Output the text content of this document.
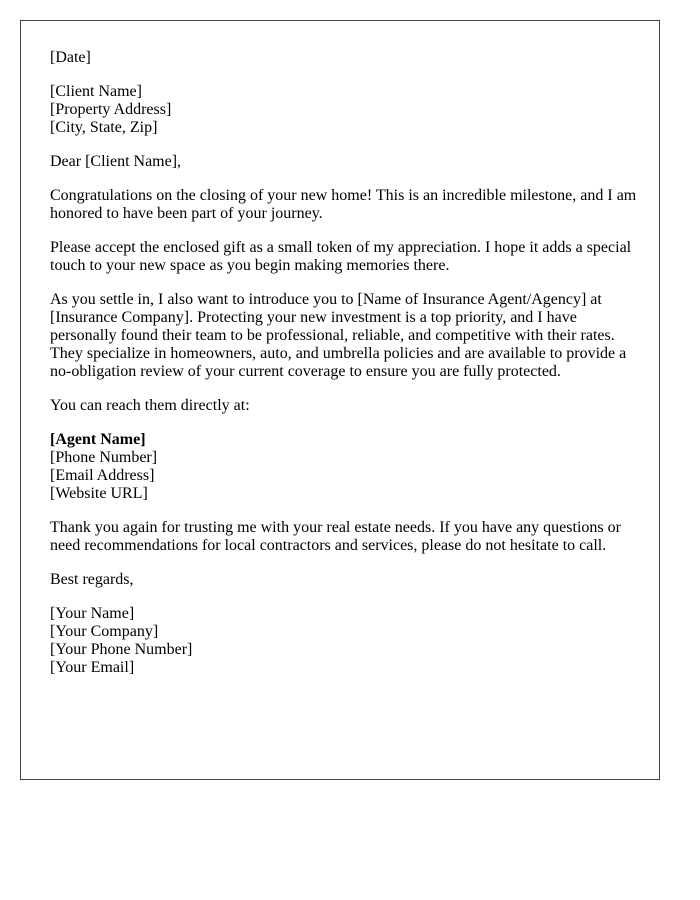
[Date]
[Client Name]
[Property Address]
[City, State, Zip]
Dear [Client Name],
Congratulations on the closing of your new home! This is an incredible milestone, and I am honored to have been part of your journey.
Please accept the enclosed gift as a small token of my appreciation. I hope it adds a special touch to your new space as you begin making memories there.
As you settle in, I also want to introduce you to [Name of Insurance Agent/Agency] at [Insurance Company]. Protecting your new investment is a top priority, and I have personally found their team to be professional, reliable, and competitive with their rates. They specialize in homeowners, auto, and umbrella policies and are available to provide a no-obligation review of your current coverage to ensure you are fully protected.
You can reach them directly at:
[Agent Name]
[Phone Number]
[Email Address]
[Website URL]
Thank you again for trusting me with your real estate needs. If you have any questions or need recommendations for local contractors and services, please do not hesitate to call.
Best regards,
[Your Name]
[Your Company]
[Your Phone Number]
[Your Email]
